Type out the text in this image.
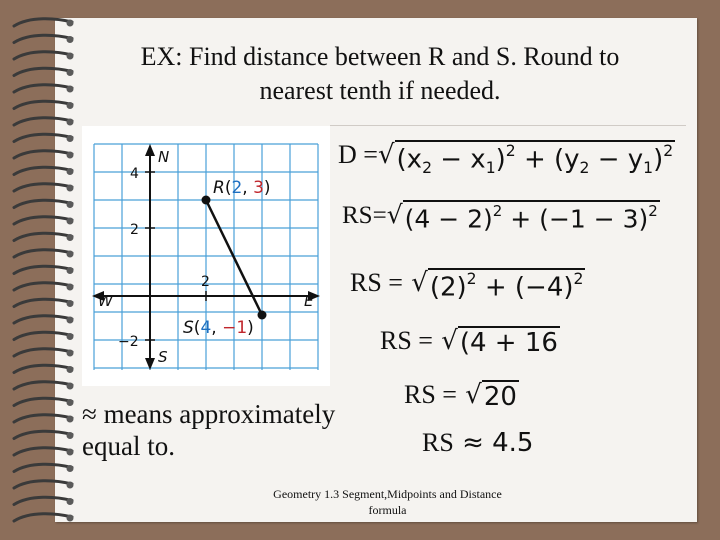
EX: Find distance between R and S. Round to
nearest tenth if needed.
N
S
W	E
4
2
−2
2
R(2, 3)
S(4, −1)
D = √ $(x_2 - x_1)^2 + (y_2 - y_1)^2$
RS= √ $(4 - 2)^2 + (-1 - 3)^2$
RS = √ $(2)^2 + (-4)^2$
RS = √ (4 + 16
RS = √ 20
RS ≈ 4.5
≈ means approximately
equal to.
Geometry 1.3 Segment,Midpoints and Distance
formula
